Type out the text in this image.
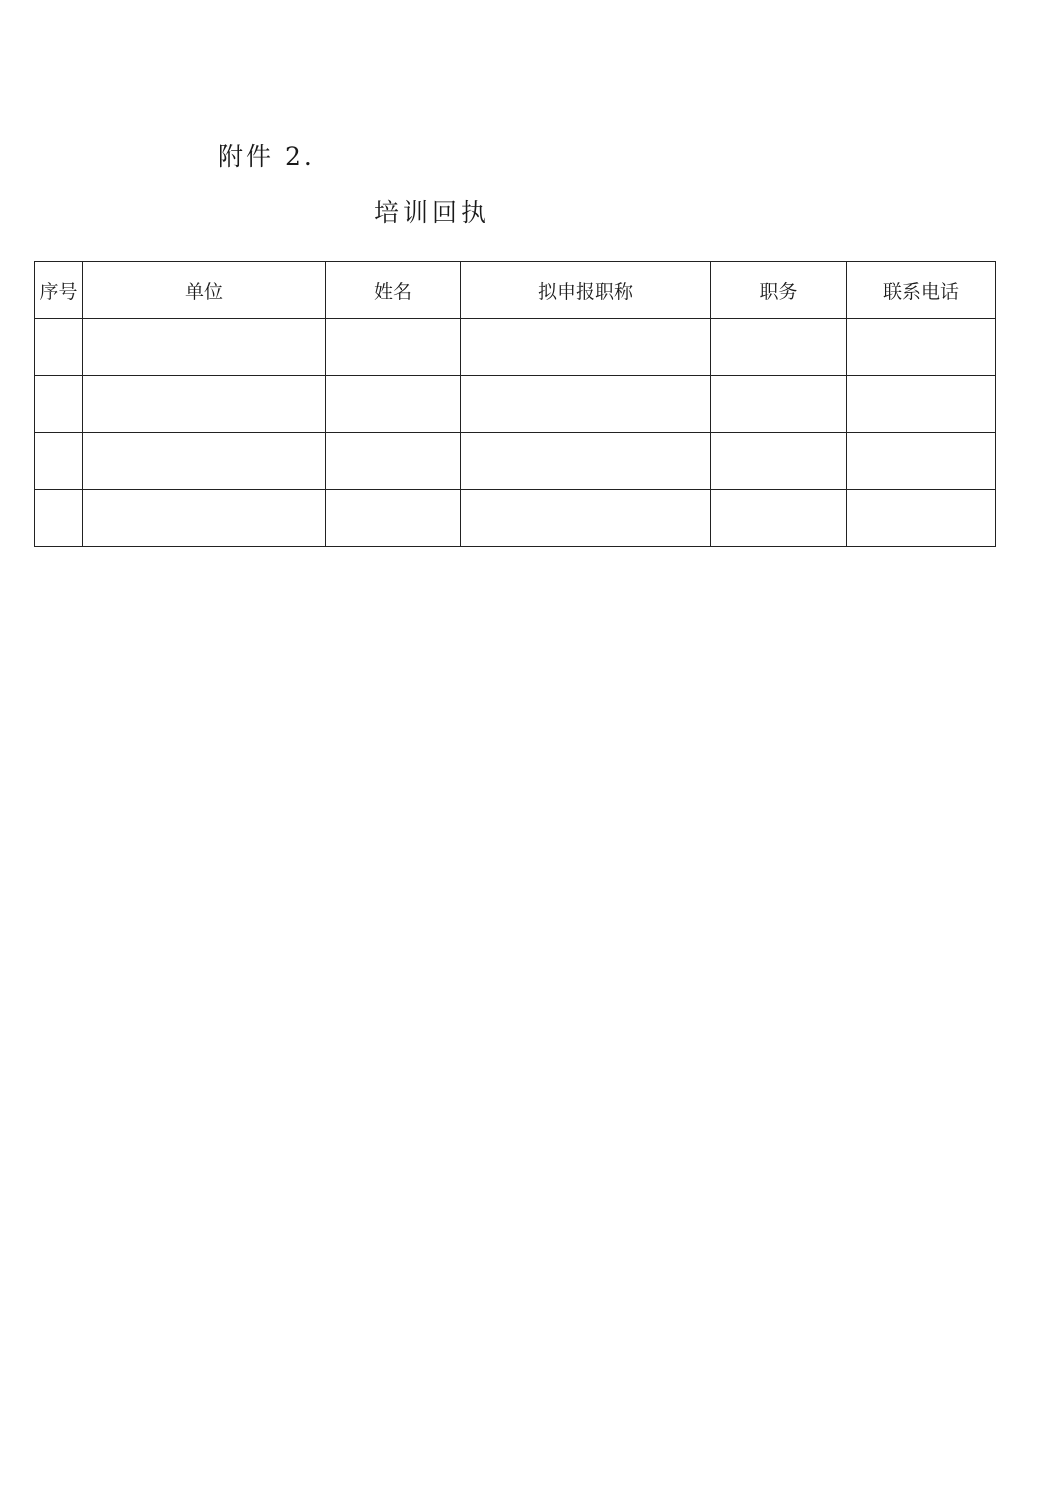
附件 2.
培训回执
序号	单位	姓名	拟申报职称	职务	联系电话
